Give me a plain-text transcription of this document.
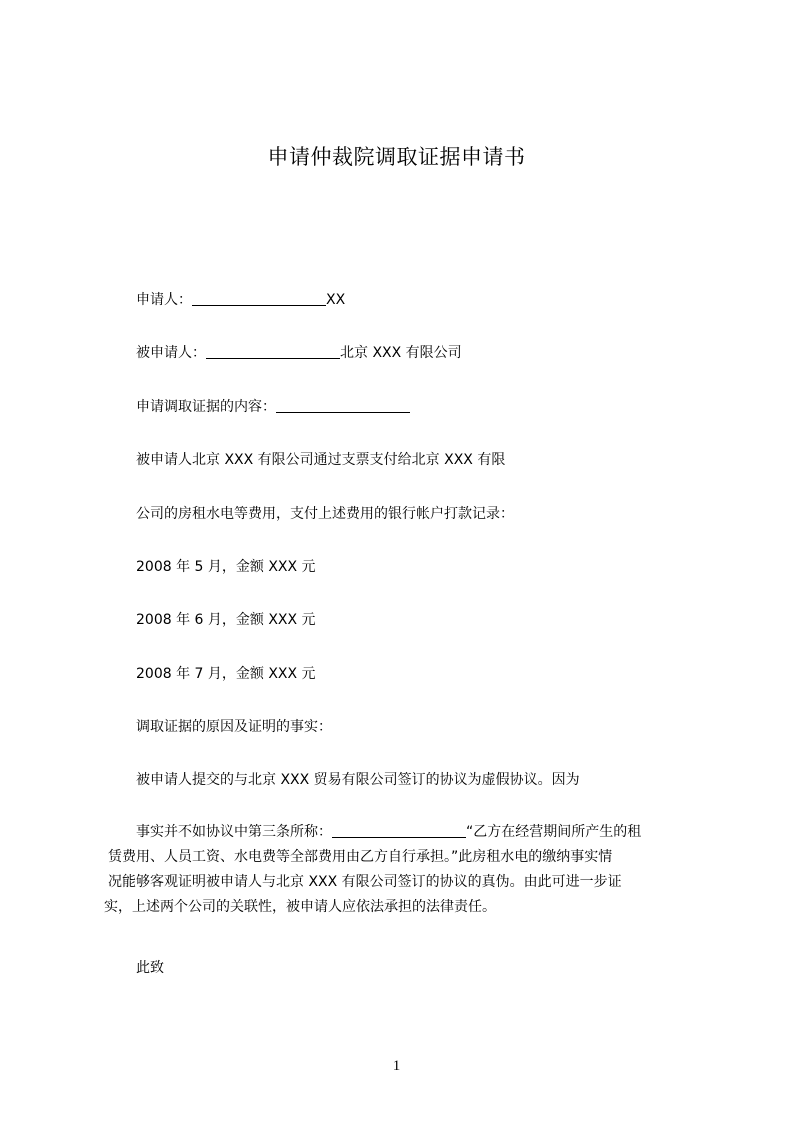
申请仲裁院调取证据申请书
申请人：	XX
被申请人：	北京 XXX 有限公司
申请调取证据的内容：
被申请人北京 XXX 有限公司通过支票支付给北京 XXX 有限
公司的房租水电等费用，支付上述费用的银行帐户打款记录：
2008 年 5 月，金额 XXX 元
2008 年 6 月，金额 XXX 元
2008 年 7 月，金额 XXX 元
调取证据的原因及证明的事实：
被申请人提交的与北京 XXX 贸易有限公司签订的协议为虚假协议。因为
事实并不如协议中第三条所称：	“乙方在经营期间所产生的租
赁费用、人员工资、水电费等全部费用由乙方自行承担。”此房租水电的缴纳事实情
况能够客观证明被申请人与北京 XXX 有限公司签订的协议的真伪。由此可进一步证
实，上述两个公司的关联性，被申请人应依法承担的法律责任。
此致
1
